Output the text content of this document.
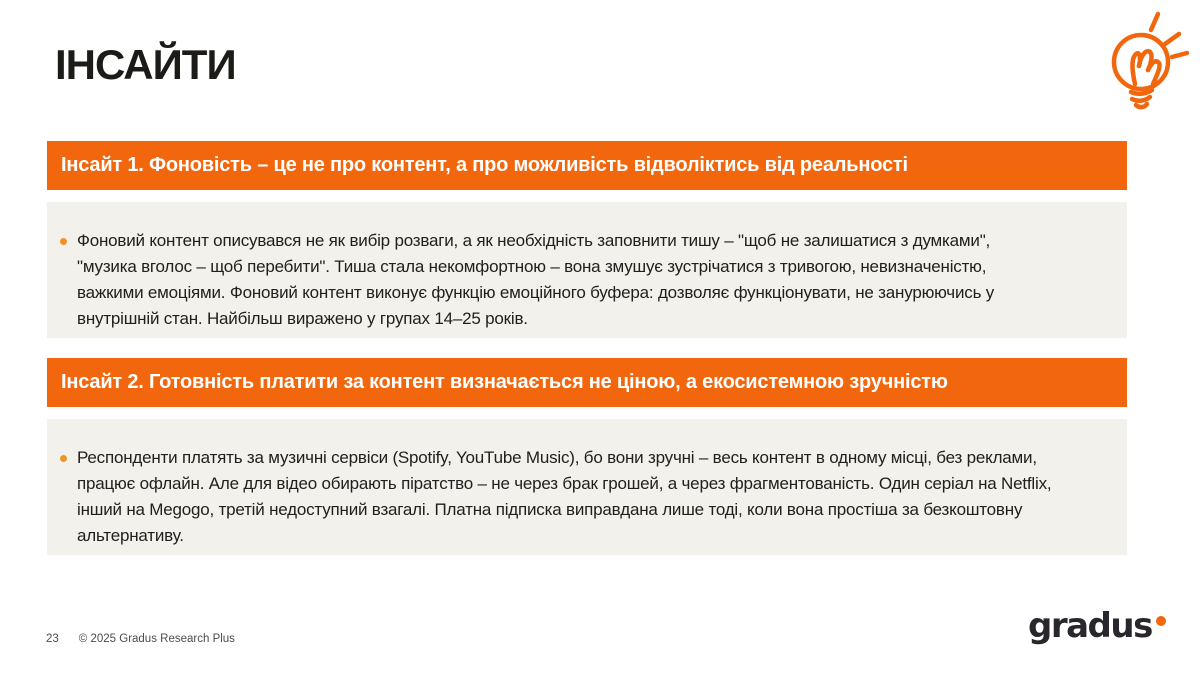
ІНСАЙТИ
Інсайт 1. Фоновість – це не про контент, а про можливість відволіктись від реальності
Фоновий контент описувався не як вибір розваги, а як необхідність заповнити тишу – "щоб не залишатися з думками",
"музика вголос – щоб перебити". Тиша стала некомфортною – вона змушує зустрічатися з тривогою, невизначеністю,
важкими емоціями. Фоновий контент виконує функцію емоційного буфера: дозволяє функціонувати, не занурюючись у
внутрішній стан. Найбільш виражено у групах 14–25 років.
Інсайт 2. Готовність платити за контент визначається не ціною, а екосистемною зручністю
Респонденти платять за музичні сервіси (Spotify, YouTube Music), бо вони зручні – весь контент в одному місці, без реклами,
працює офлайн. Але для відео обирають піратство – не через брак грошей, а через фрагментованість. Один серіал на Netflix,
інший на Megogo, третій недоступний взагалі. Платна підписка виправдана лише тоді, коли вона простіша за безкоштовну
альтернативу.
23 © 2025 Gradus Research Plus	gradus
